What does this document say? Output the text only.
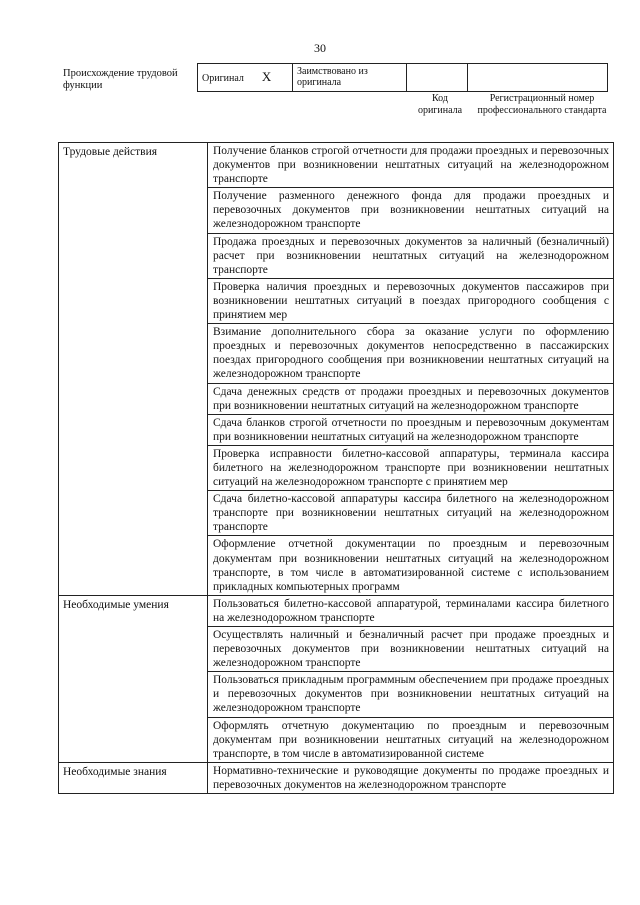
30
Происхождение трудовой функции
Оригинал X	Заимствовано из оригинала		
Код оригинала
Регистрационный номер профессионального стандарта
Трудовые действия	Получение бланков строгой отчетности для продажи проездных и перевозочных документов при возникновении нештатных ситуаций на железнодорожном транспорте
	Получение разменного денежного фонда для продажи проездных и перевозочных документов при возникновении нештатных ситуаций на железнодорожном транспорте
	Продажа проездных и перевозочных документов за наличный (безналичный) расчет при возникновении нештатных ситуаций на железнодорожном транспорте
	Проверка наличия проездных и перевозочных документов пассажиров при возникновении нештатных ситуаций в поездах пригородного сообщения с принятием мер
	Взимание дополнительного сбора за оказание услуги по оформлению проездных и перевозочных документов непосредственно в пассажирских поездах пригородного сообщения при возникновении нештатных ситуаций на железнодорожном транспорте
	Сдача денежных средств от продажи проездных и перевозочных документов при возникновении нештатных ситуаций на железнодорожном транспорте
	Сдача бланков строгой отчетности по проездным и перевозочным документам при возникновении нештатных ситуаций на железнодорожном транспорте
	Проверка исправности билетно-кассовой аппаратуры, терминала кассира билетного на железнодорожном транспорте при возникновении нештатных ситуаций на железнодорожном транспорте с принятием мер
	Сдача билетно-кассовой аппаратуры кассира билетного на железнодорожном транспорте при возникновении нештатных ситуаций на железнодорожном транспорте
	Оформление отчетной документации по проездным и перевозочным документам при возникновении нештатных ситуаций на железнодорожном транспорте, в том числе в автоматизированной системе с использованием прикладных компьютерных программ
Необходимые умения	Пользоваться билетно-кассовой аппаратурой, терминалами кассира билетного на железнодорожном транспорте
	Осуществлять наличный и безналичный расчет при продаже проездных и перевозочных документов при возникновении нештатных ситуаций на железнодорожном транспорте
	Пользоваться прикладным программным обеспечением при продаже проездных и перевозочных документов при возникновении нештатных ситуаций на железнодорожном транспорте
	Оформлять отчетную документацию по проездным и перевозочным документам при возникновении нештатных ситуаций на железнодорожном транспорте, в том числе в автоматизированной системе
Необходимые знания	Нормативно-технические и руководящие документы по продаже проездных и перевозочных документов на железнодорожном транспорте
